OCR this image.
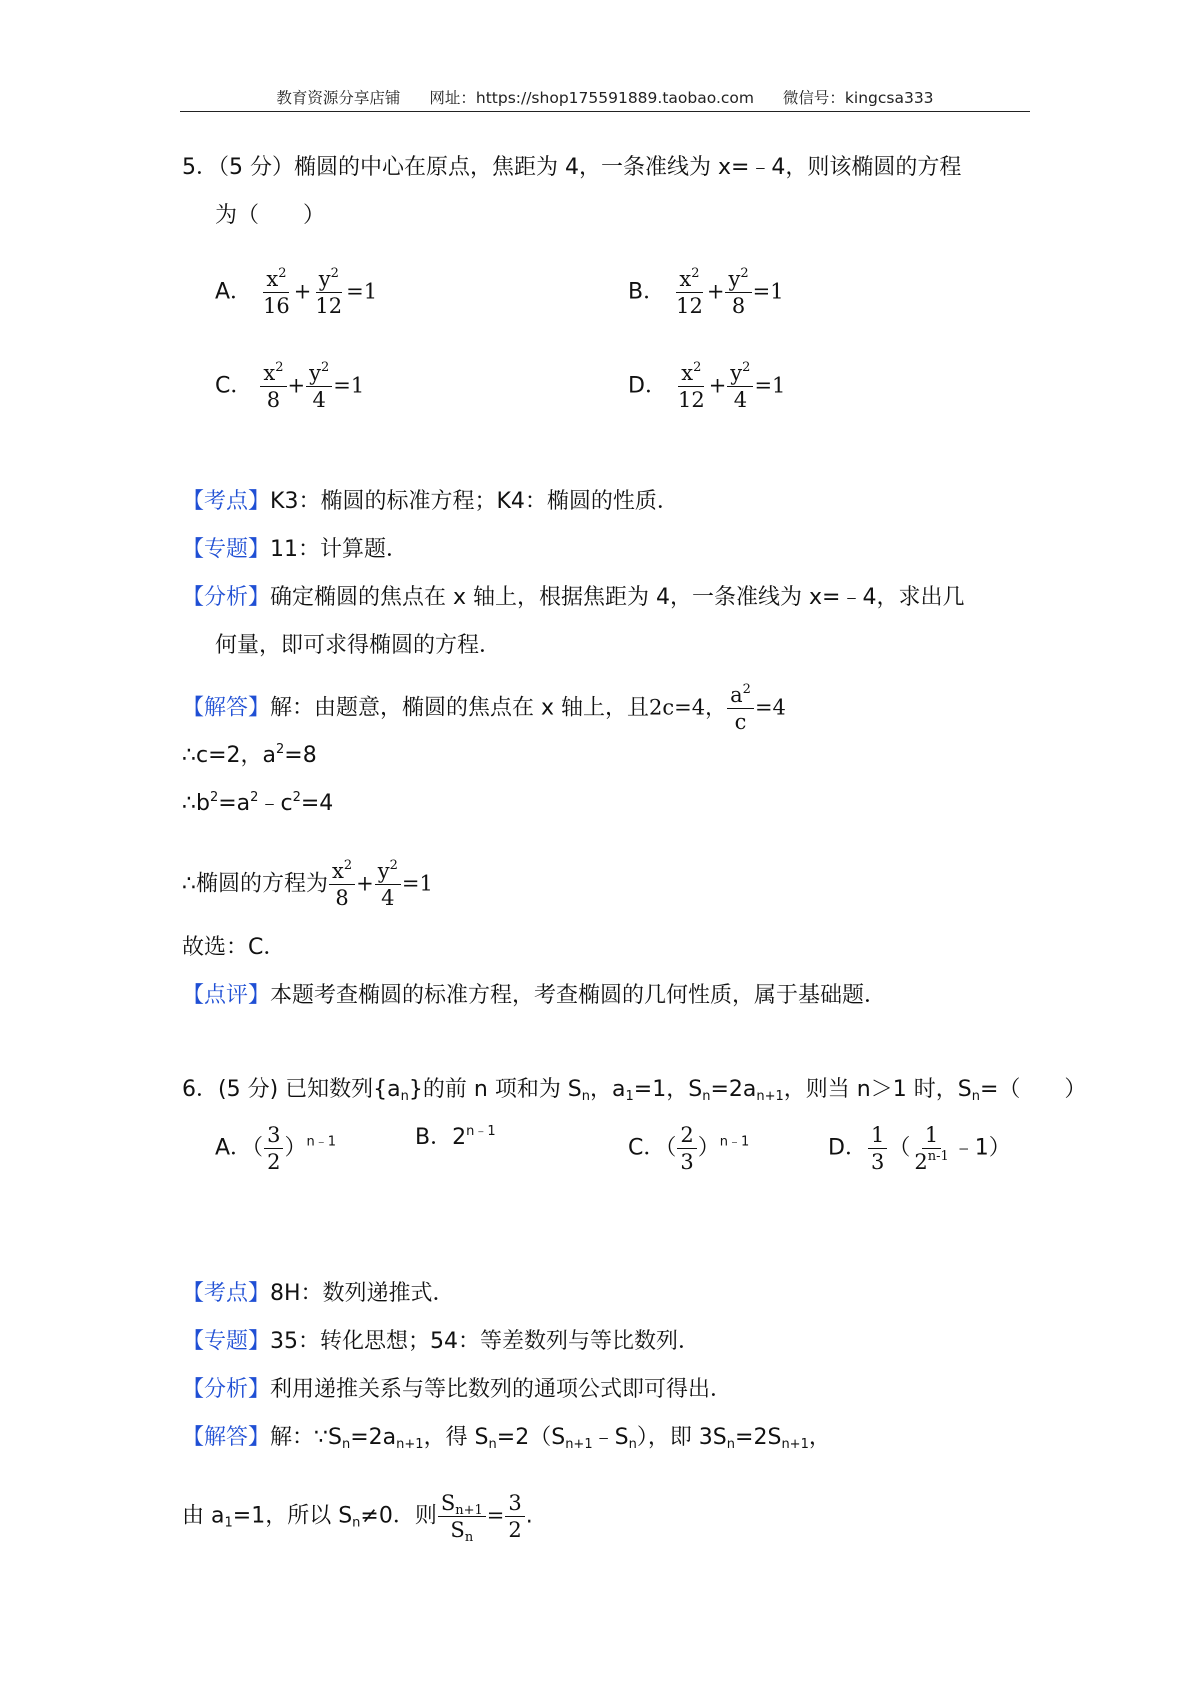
教育资源分享店铺 网址：https://shop175591889.taobao.com 微信号：kingcsa333
5．（5 分）椭圆的中心在原点，焦距为 4，一条准线为 x=﹣4，则该椭圆的方程
为（　　）
A． $\frac{x^2}{16} + \frac{y^2}{12} =1$	B． $\frac{x^2}{12} + \frac{y^2}{8} =1$
C． $\frac{x^2}{8} + \frac{y^2}{4} =1$	D． $\frac{x^2}{12} + \frac{y^2}{4} =1$
【考点】K3：椭圆的标准方程；K4：椭圆的性质．
【专题】11：计算题．
【分析】确定椭圆的焦点在 x 轴上，根据焦距为 4，一条准线为 x=﹣4，求出几
何量，即可求得椭圆的方程．
【解答】解：由题意，椭圆的焦点在 x 轴上，且2c=4， $\frac{a^2}{c} =4$
∴c=2，$a^2=8$
$\therefore b^2=a^2﹣c^2=4$
∴椭圆的方程为 $\frac{x^2}{8} + \frac{y^2}{4} =1$
故选：C．
【点评】本题考查椭圆的标准方程，考查椭圆的几何性质，属于基础题．
6．(5 分) 已知数列$\{a_n\}$的前 n 项和为 $S_n$，$a_1=1$，$S_n=2a_{n+1}$，则当 n＞1 时，$S_n=$（　　）
A．（ $\frac{3}{2} )^{n﹣1}$	B．$2^{n﹣1}$
C．（ $\frac{2}{3} )^{n﹣1}$	D． $\frac{1}{3}$ （ $\frac{1}{2^{n-1}}$ ﹣1）
【考点】8H：数列递推式．
【专题】35：转化思想；54：等差数列与等比数列．
【分析】利用递推关系与等比数列的通项公式即可得出．
【解答】解：$\because S_n=2a_{n+1}$，得 $S_n=2(S_{n+1}﹣S_n)$，即 $3S_n=2S_{n+1}$，
由 $a_1=1$，所以 $S_n\ne 0$．则 $\frac{S_{n+1}}{S_n} = \frac{3}{2}$ .
